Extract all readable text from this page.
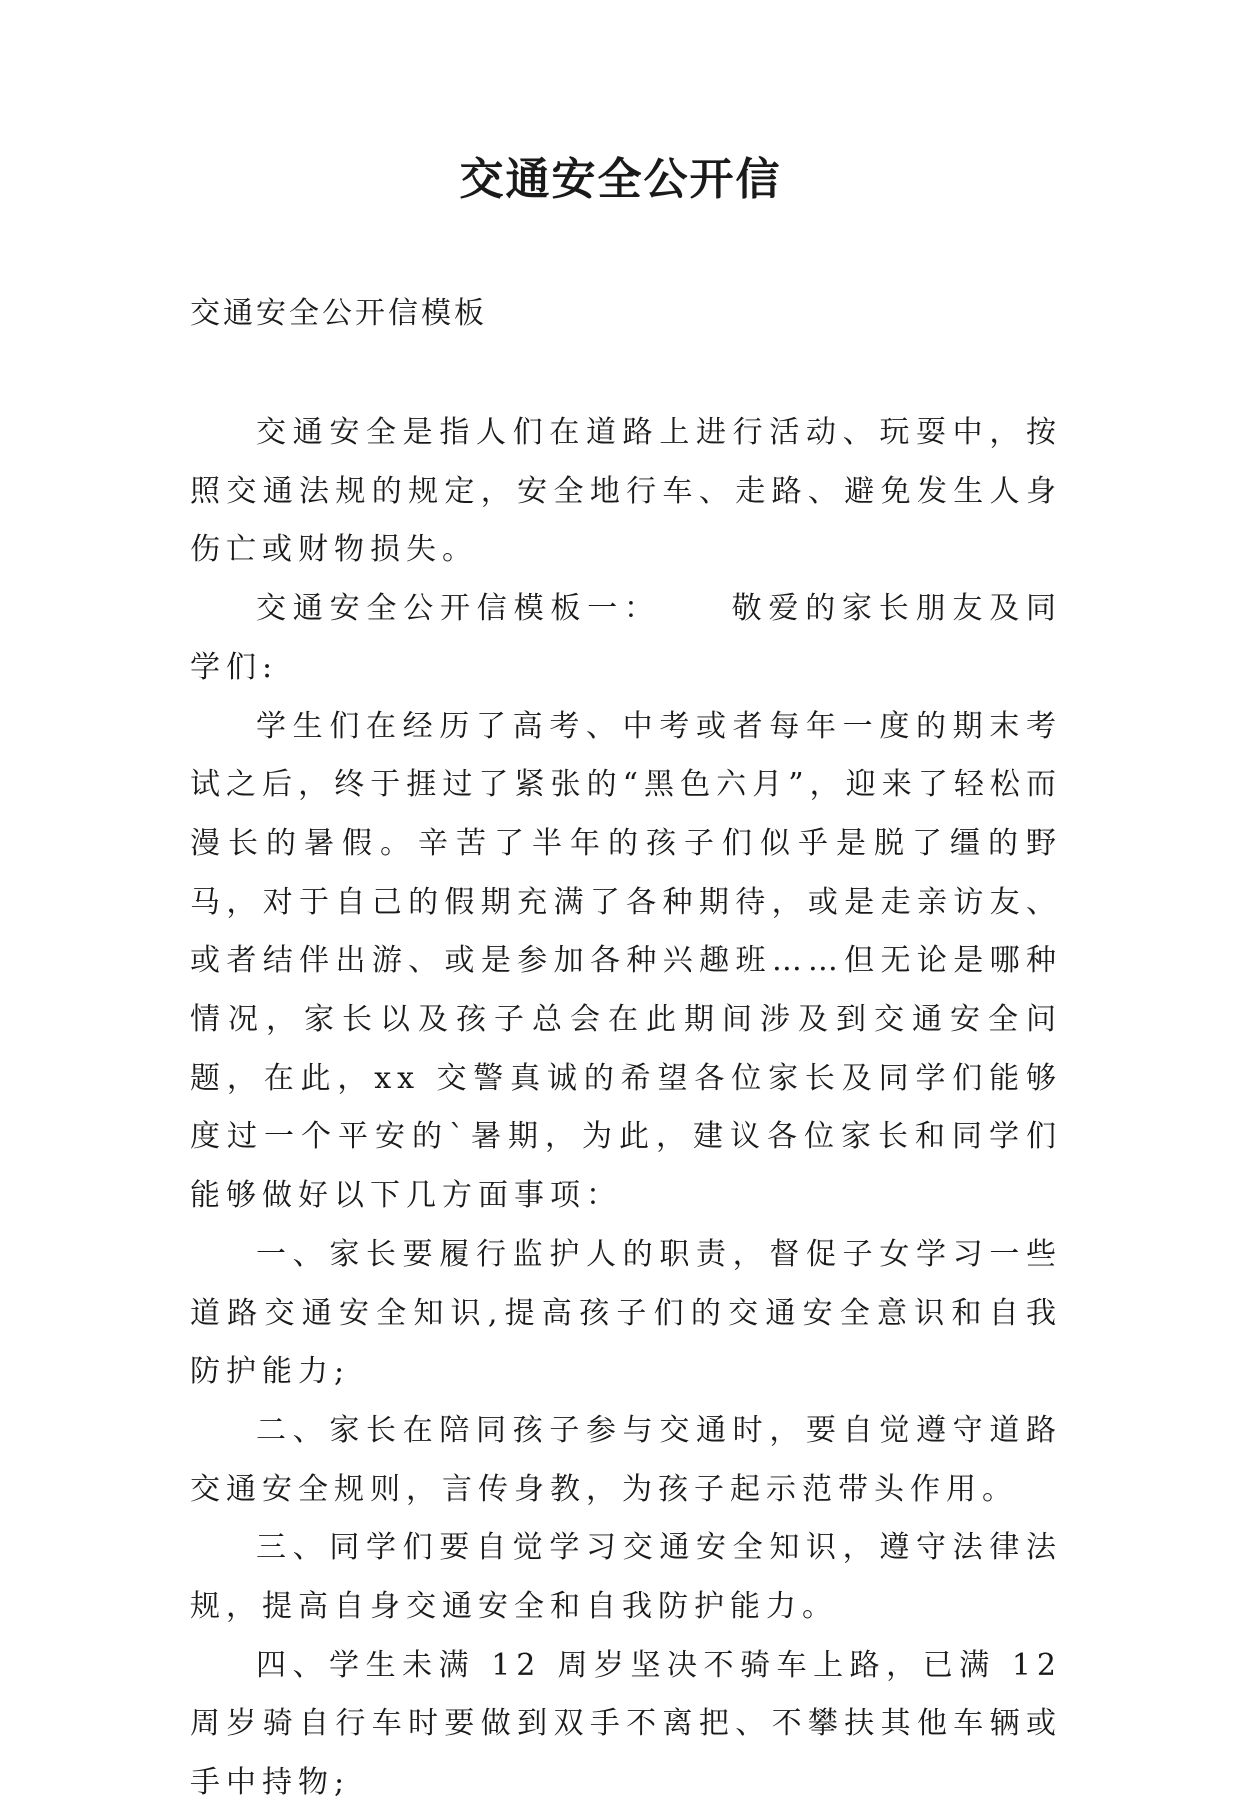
交通安全公开信

交通安全公开信模板

交通安全是指人们在道路上进行活动、玩耍中，按照交通法规的规定，安全地行车、走路、避免发生人身伤亡或财物损失。

交通安全公开信模板一： 敬爱的家长朋友及同学们:

学生们在经历了高考、中考或者每年一度的期末考试之后，终于捱过了紧张的“黑色六月”，迎来了轻松而漫长的暑假。辛苦了半年的孩子们似乎是脱了缰的野马，对于自己的假期充满了各种期待，或是走亲访友、或者结伴出游、或是参加各种兴趣班……但无论是哪种情况，家长以及孩子总会在此期间涉及到交通安全问题，在此，xx 交警真诚的希望各位家长及同学们能够度过一个平安的`暑期，为此，建议各位家长和同学们能够做好以下几方面事项：

一、家长要履行监护人的职责，督促子女学习一些道路交通安全知识,提高孩子们的交通安全意识和自我防护能力;

二、家长在陪同孩子参与交通时，要自觉遵守道路交通安全规则，言传身教，为孩子起示范带头作用。

三、同学们要自觉学习交通安全知识，遵守法律法规，提高自身交通安全和自我防护能力。

四、学生未满 12 周岁坚决不骑车上路，已满 12 周岁骑自行车时要做到双手不离把、不攀扶其他车辆或手中持物;
